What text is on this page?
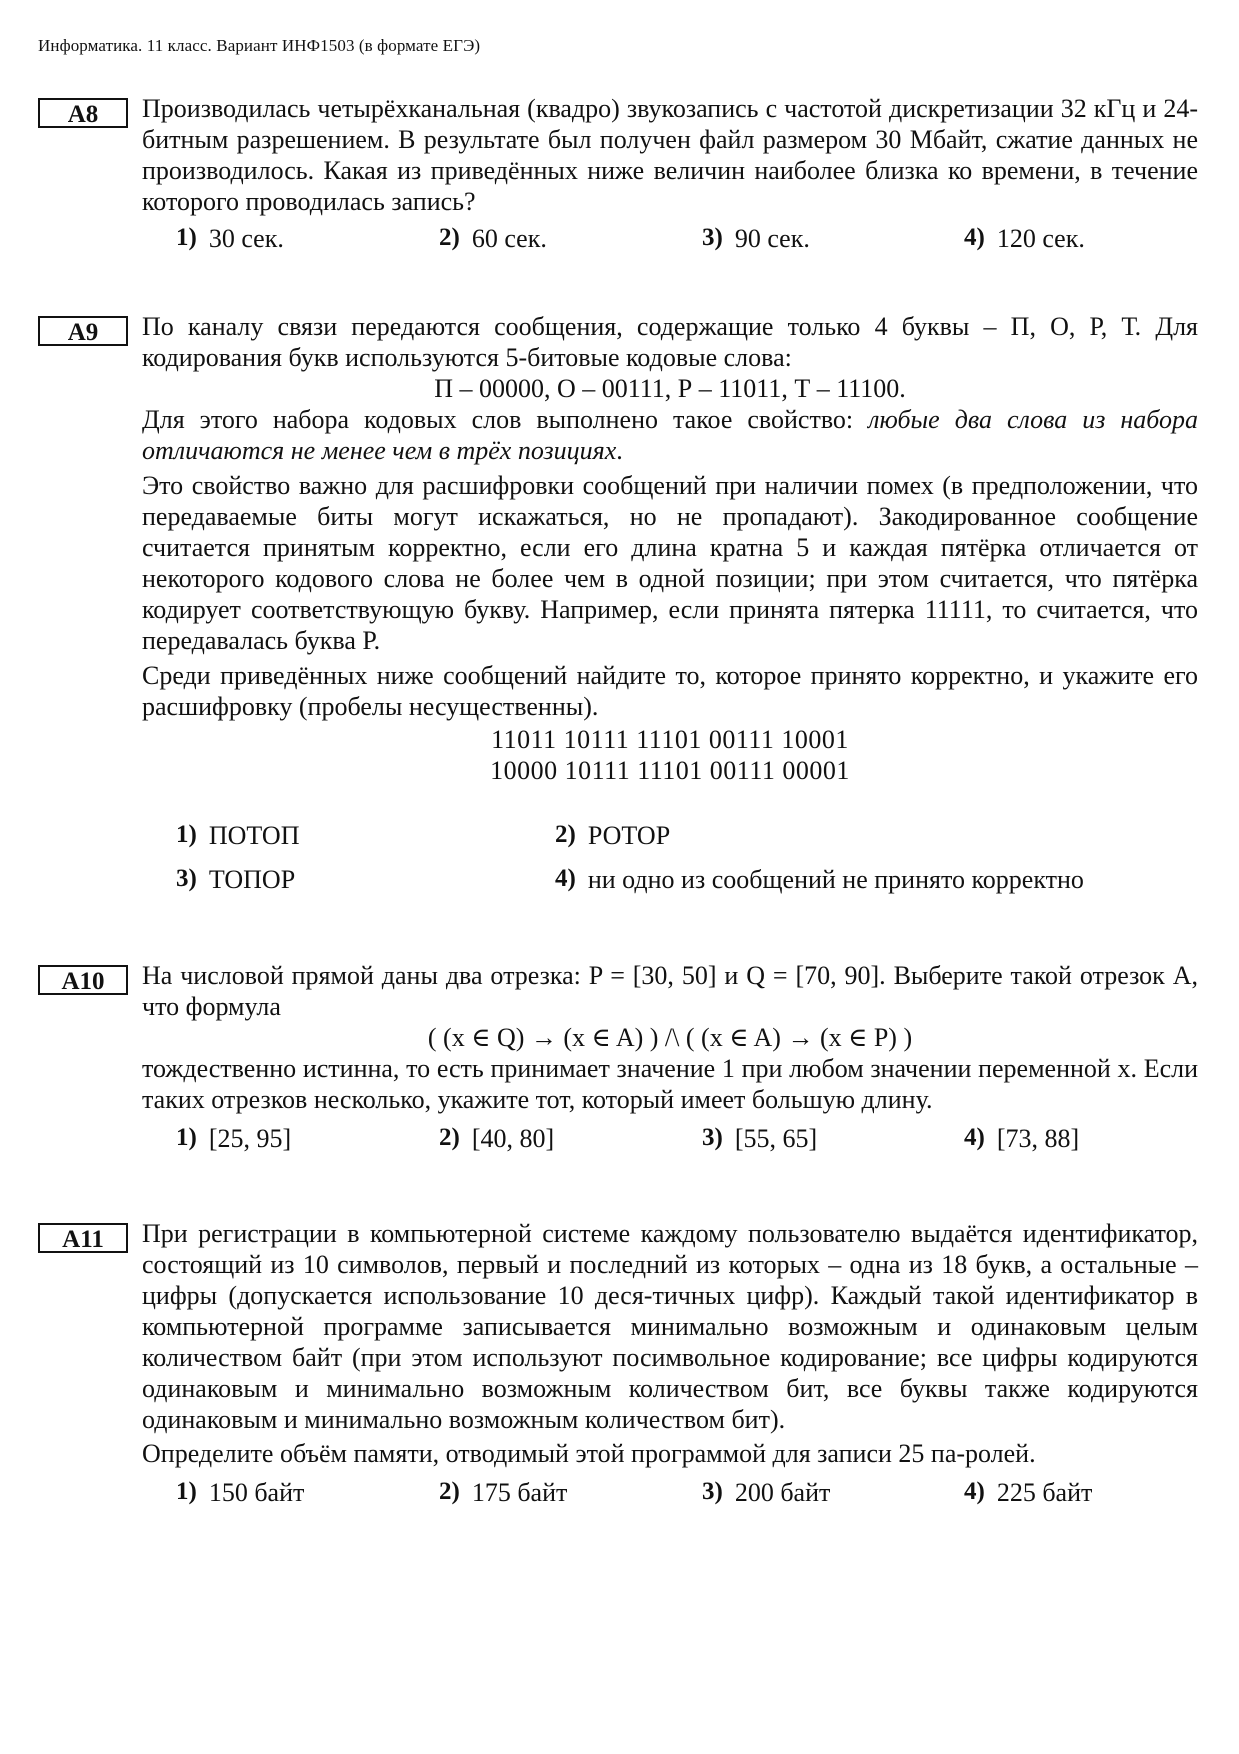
Информатика. 11 класс. Вариант ИНФ1503 (в формате ЕГЭ)
A8	Производилась четырёхканальная (квадро) звукозапись с частотой дискретизации 32 кГц и 24-битным разрешением. В результате был получен файл размером 30 Мбайт, сжатие данных не производилось. Какая из приведённых ниже величин наиболее близка ко времени, в течение которого проводилась запись?

1) 30 сек.	2) 60 сек.	3) 90 сек.	4) 120 сек.
A9	По каналу связи передаются сообщения, содержащие только 4 буквы – П, О, Р, Т. Для кодирования букв используются 5-битовые кодовые слова:

П – 00000, О – 00111, Р – 11011, Т – 11100.

Для этого набора кодовых слов выполнено такое свойство: любые два слова из набора отличаются не менее чем в трёх позициях.

Это свойство важно для расшифровки сообщений при наличии помех (в предположении, что передаваемые биты могут искажаться, но не пропадают). Закодированное сообщение считается принятым корректно, если его длина кратна 5 и каждая пятёрка отличается от некоторого кодового слова не более чем в одной позиции; при этом считается, что пятёрка кодирует соответствующую букву. Например, если принята пятерка 11111, то считается, что передавалась буква Р.

Среди приведённых ниже сообщений найдите то, которое принято корректно, и укажите его расшифровку (пробелы несущественны).

11011 10111 11101 00111 10001

10000 10111 11101 00111 00001

1) ПОТОП	2) РОТОР
3) ТОПОР	4) ни одно из сообщений не принято корректно
A10	На числовой прямой даны два отрезка: P = [30, 50] и Q = [70, 90]. Выберите такой отрезок A, что формула

( (x ∈ Q) → (x ∈ A) ) /\ ( (x ∈ A) → (x ∈ P) )

тождественно истинна, то есть принимает значение 1 при любом значении переменной x. Если таких отрезков несколько, укажите тот, который имеет большую длину.

1) [25, 95]	2) [40, 80]	3) [55, 65]	4) [73, 88]
A11	При регистрации в компьютерной системе каждому пользователю выдаётся идентификатор, состоящий из 10 символов, первый и последний из которых – одна из 18 букв, а остальные – цифры (допускается использование 10 деся-тичных цифр). Каждый такой идентификатор в компьютерной программе записывается минимально возможным и одинаковым целым количеством байт (при этом используют посимвольное кодирование; все цифры кодируются одинаковым и минимально возможным количеством бит, все буквы также кодируются одинаковым и минимально возможным количеством бит).

Определите объём памяти, отводимый этой программой для записи 25 па-ролей.

1) 150 байт	2) 175 байт	3) 200 байт	4) 225 байт
